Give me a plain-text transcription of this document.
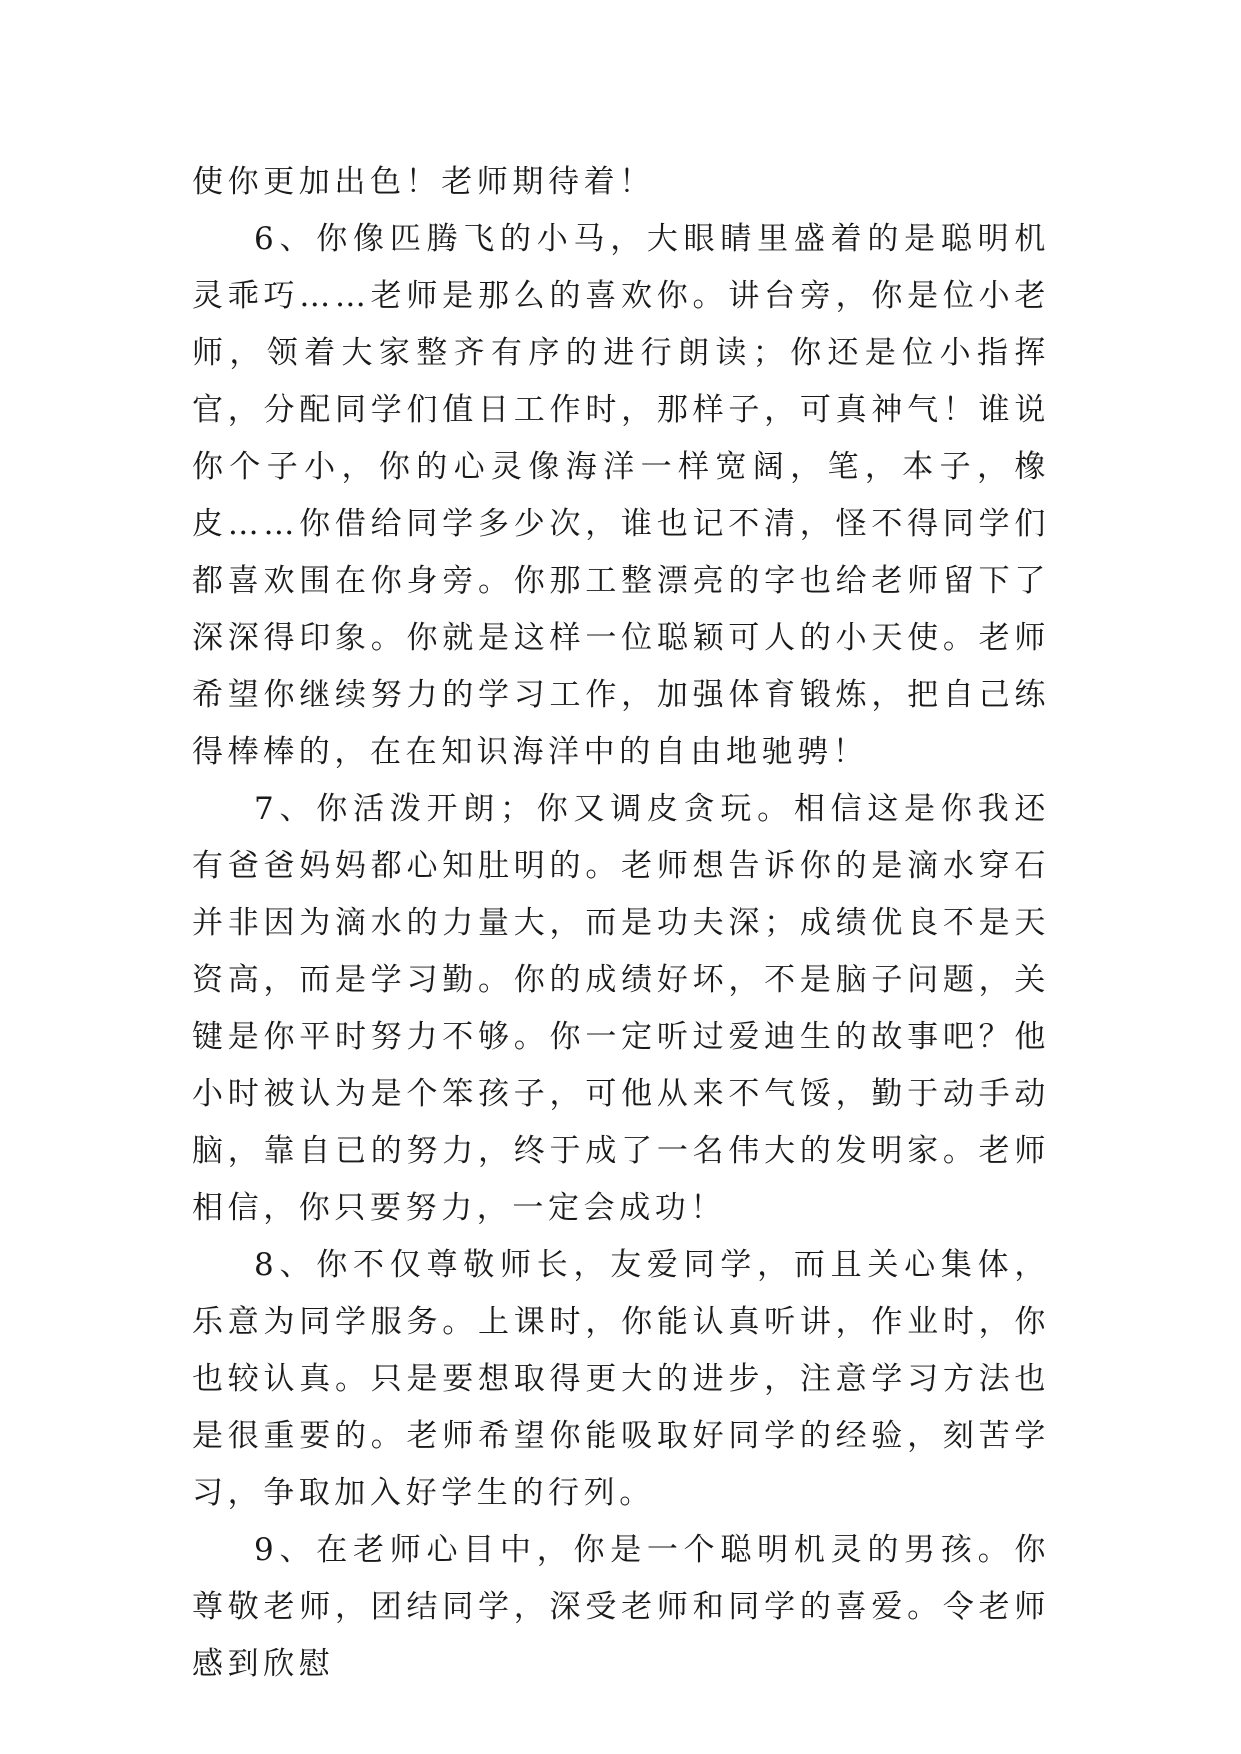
使你更加出色！老师期待着！

6、你像匹腾飞的小马，大眼睛里盛着的是聪明机灵乖巧……老师是那么的喜欢你。讲台旁，你是位小老师，领着大家整齐有序的进行朗读；你还是位小指挥官，分配同学们值日工作时，那样子，可真神气！谁说你个子小，你的心灵像海洋一样宽阔，笔，本子，橡皮……你借给同学多少次，谁也记不清，怪不得同学们都喜欢围在你身旁。你那工整漂亮的字也给老师留下了深深得印象。你就是这样一位聪颖可人的小天使。老师希望你继续努力的学习工作，加强体育锻炼，把自己练得棒棒的，在在知识海洋中的自由地驰骋！

7、你活泼开朗；你又调皮贪玩。相信这是你我还有爸爸妈妈都心知肚明的。老师想告诉你的是滴水穿石并非因为滴水的力量大，而是功夫深；成绩优良不是天资高，而是学习勤。你的成绩好坏，不是脑子问题，关键是你平时努力不够。你一定听过爱迪生的故事吧？他小时被认为是个笨孩子，可他从来不气馁，勤于动手动脑，靠自已的努力，终于成了一名伟大的发明家。老师相信，你只要努力，一定会成功！

8、你不仅尊敬师长，友爱同学，而且关心集体，乐意为同学服务。上课时，你能认真听讲，作业时，你也较认真。只是要想取得更大的进步，注意学习方法也是很重要的。老师希望你能吸取好同学的经验，刻苦学习，争取加入好学生的行列。

9、在老师心目中，你是一个聪明机灵的男孩。你尊敬老师，团结同学，深受老师和同学的喜爱。令老师感到欣慰
